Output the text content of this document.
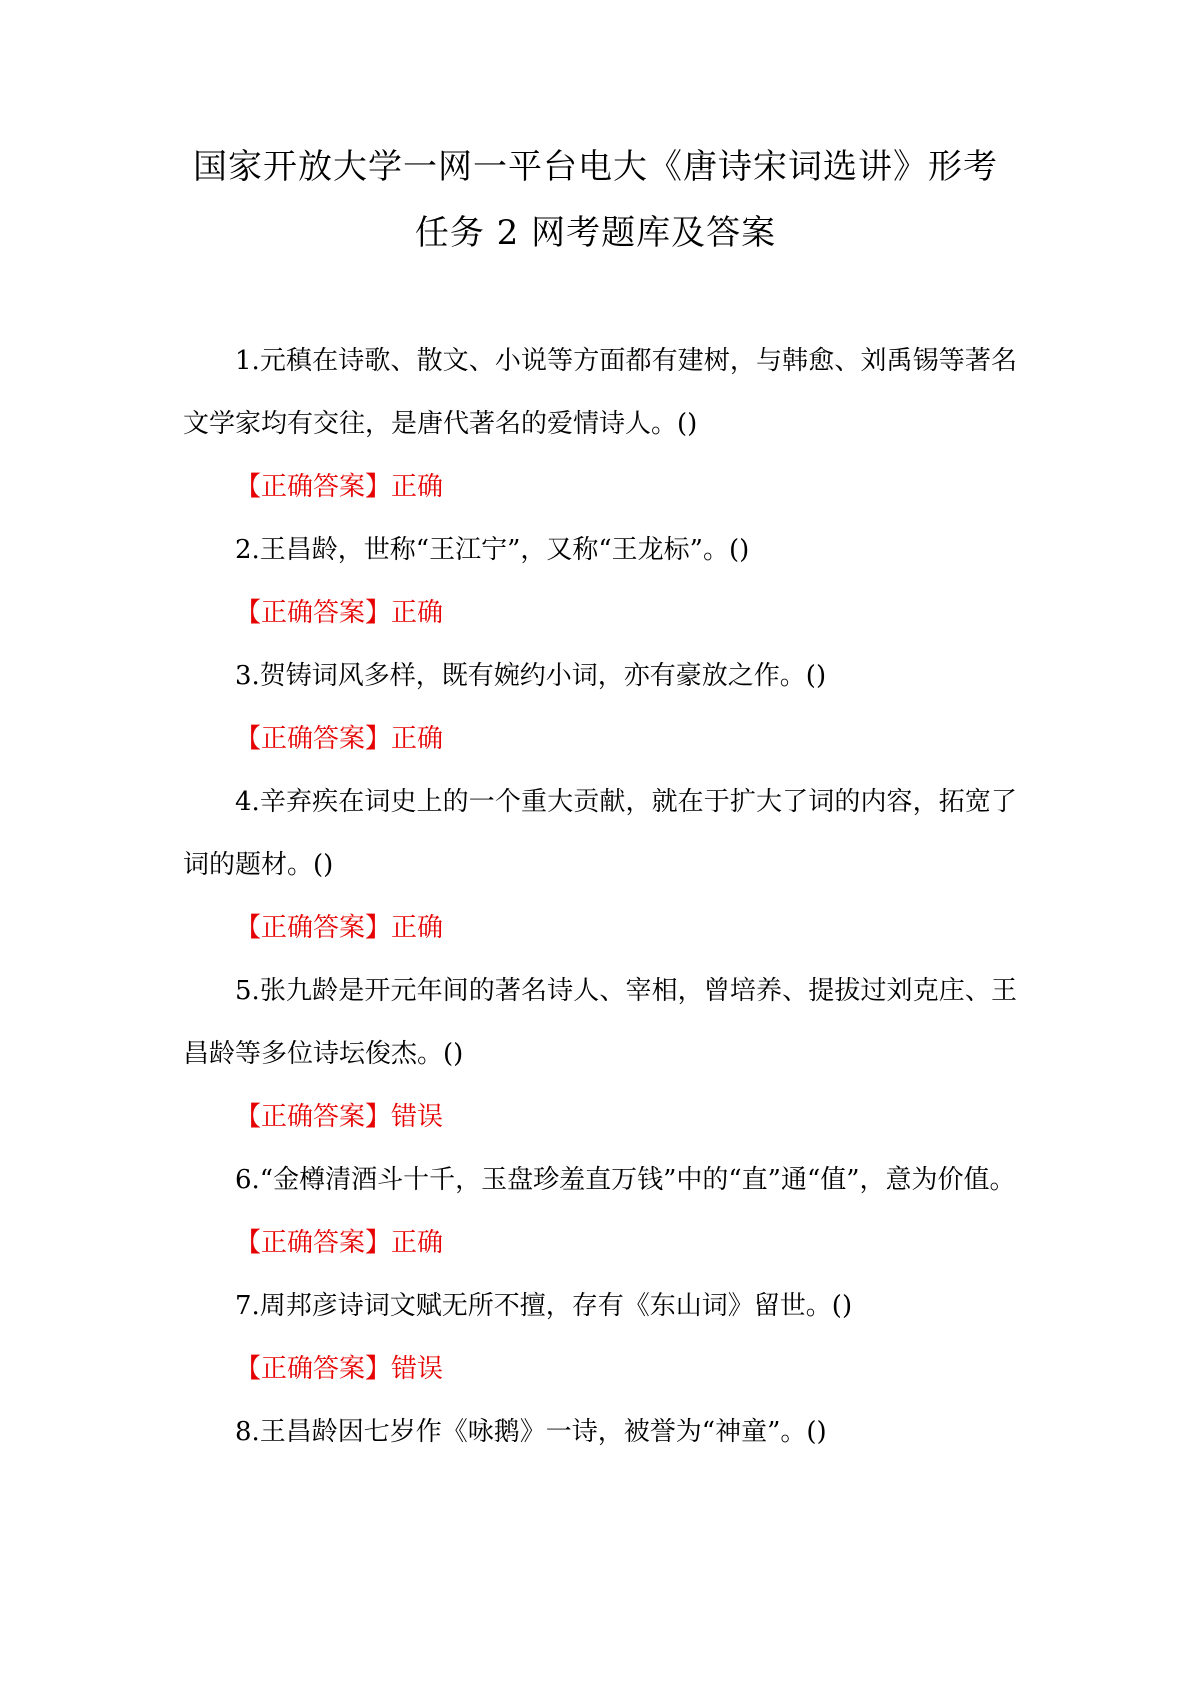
国家开放大学一网一平台电大《唐诗宋词选讲》形考
任务 2 网考题库及答案

1.元稹在诗歌、散文、小说等方面都有建树，与韩愈、刘禹锡等著名文学家均有交往，是唐代著名的爱情诗人。()

【正确答案】正确

2.王昌龄，世称“王江宁”，又称“王龙标”。()

【正确答案】正确

3.贺铸词风多样，既有婉约小词，亦有豪放之作。()

【正确答案】正确

4.辛弃疾在词史上的一个重大贡献，就在于扩大了词的内容，拓宽了词的题材。()

【正确答案】正确

5.张九龄是开元年间的著名诗人、宰相，曾培养、提拔过刘克庄、王昌龄等多位诗坛俊杰。()

【正确答案】错误

6.“金樽清酒斗十千，玉盘珍羞直万钱”中的“直”通“值”，意为价值。

【正确答案】正确

7.周邦彦诗词文赋无所不擅，存有《东山词》留世。()

【正确答案】错误

8.王昌龄因七岁作《咏鹅》一诗，被誉为“神童”。()
